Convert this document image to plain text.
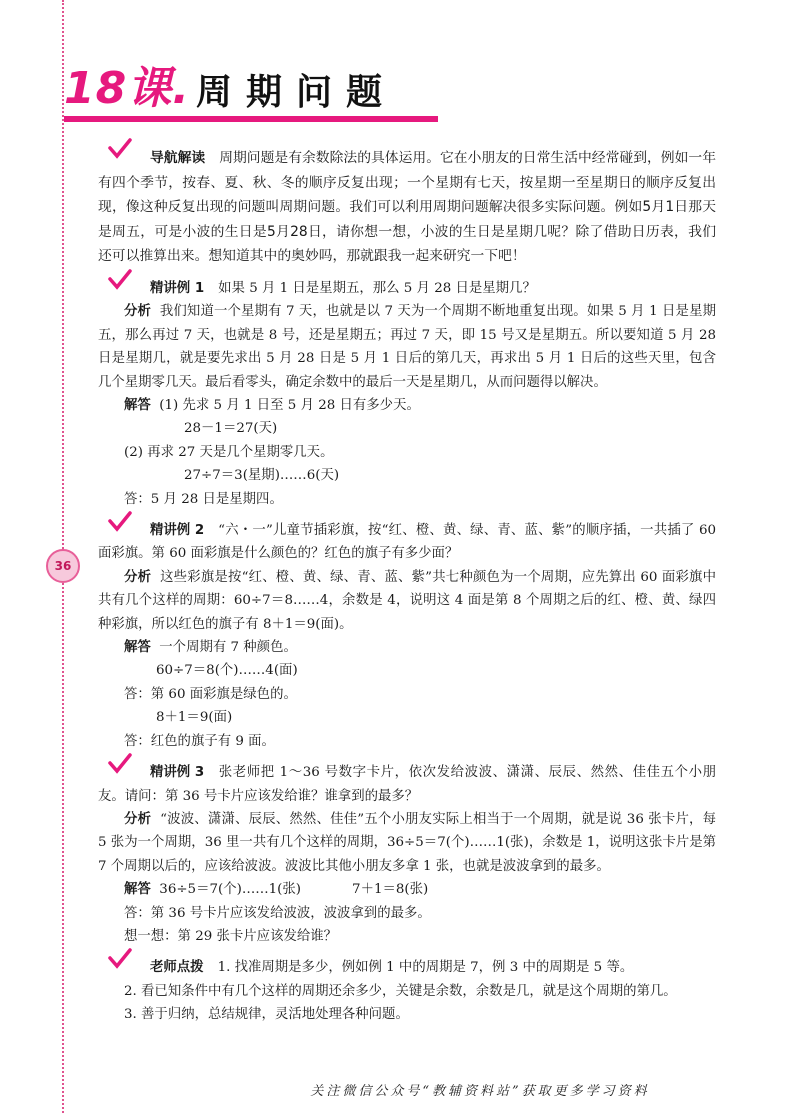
18课. 周期问题
36

导航解读 周期问题是有余数除法的具体运用。它在小朋友的日常生活中经常碰到，例如一年有四个季节，按春、夏、秋、冬的顺序反复出现；一个星期有七天，按星期一至星期日的顺序反复出现，像这种反复出现的问题叫周期问题。我们可以利用周期问题解决很多实际问题。例如5月1日那天是周五，可是小波的生日是5月28日，请你想一想，小波的生日是星期几呢？除了借助日历表，我们还可以推算出来。想知道其中的奥妙吗，那就跟我一起来研究一下吧！

精讲例 1 如果 5 月 1 日是星期五，那么 5 月 28 日是星期几？

分析 我们知道一个星期有 7 天，也就是以 7 天为一个周期不断地重复出现。如果 5 月 1 日是星期五，那么再过 7 天，也就是 8 号，还是星期五；再过 7 天，即 15 号又是星期五。所以要知道 5 月 28 日是星期几，就是要先求出 5 月 28 日是 5 月 1 日后的第几天，再求出 5 月 1 日后的这些天里，包含几个星期零几天。最后看零头，确定余数中的最后一天是星期几，从而问题得以解决。

解答 (1) 先求 5 月 1 日至 5 月 28 日有多少天。

28－1＝27(天)

(2) 再求 27 天是几个星期零几天。

27÷7＝3(星期)……6(天)

答：5 月 28 日是星期四。

精讲例 2 “六・一”儿童节插彩旗，按“红、橙、黄、绿、青、蓝、紫”的顺序插，一共插了 60 面彩旗。第 60 面彩旗是什么颜色的？红色的旗子有多少面？

分析 这些彩旗是按“红、橙、黄、绿、青、蓝、紫”共七种颜色为一个周期，应先算出 60 面彩旗中共有几个这样的周期：60÷7＝8……4，余数是 4，说明这 4 面是第 8 个周期之后的红、橙、黄、绿四种彩旗，所以红色的旗子有 8＋1＝9(面)。

解答 一个周期有 7 种颜色。

60÷7＝8(个)……4(面)

答：第 60 面彩旗是绿色的。

8＋1＝9(面)

答：红色的旗子有 9 面。

精讲例 3 张老师把 1～36 号数字卡片，依次发给波波、潇潇、辰辰、然然、佳佳五个小朋友。请问：第 36 号卡片应该发给谁？谁拿到的最多？

分析 “波波、潇潇、辰辰、然然、佳佳”五个小朋友实际上相当于一个周期，就是说 36 张卡片，每 5 张为一个周期，36 里一共有几个这样的周期，36÷5＝7(个)……1(张)，余数是 1，说明这张卡片是第 7 个周期以后的，应该给波波。波波比其他小朋友多拿 1 张，也就是波波拿到的最多。

解答 36÷5＝7(个)……1(张)	7＋1＝8(张)

答：第 36 号卡片应该发给波波，波波拿到的最多。

想一想：第 29 张卡片应该发给谁？

老师点拨 1. 找准周期是多少，例如例 1 中的周期是 7，例 3 中的周期是 5 等。

2. 看已知条件中有几个这样的周期还余多少，关键是余数，余数是几，就是这个周期的第几。

3. 善于归纳，总结规律，灵活地处理各种问题。

关注微信公众号“教辅资料站”获取更多学习资料
